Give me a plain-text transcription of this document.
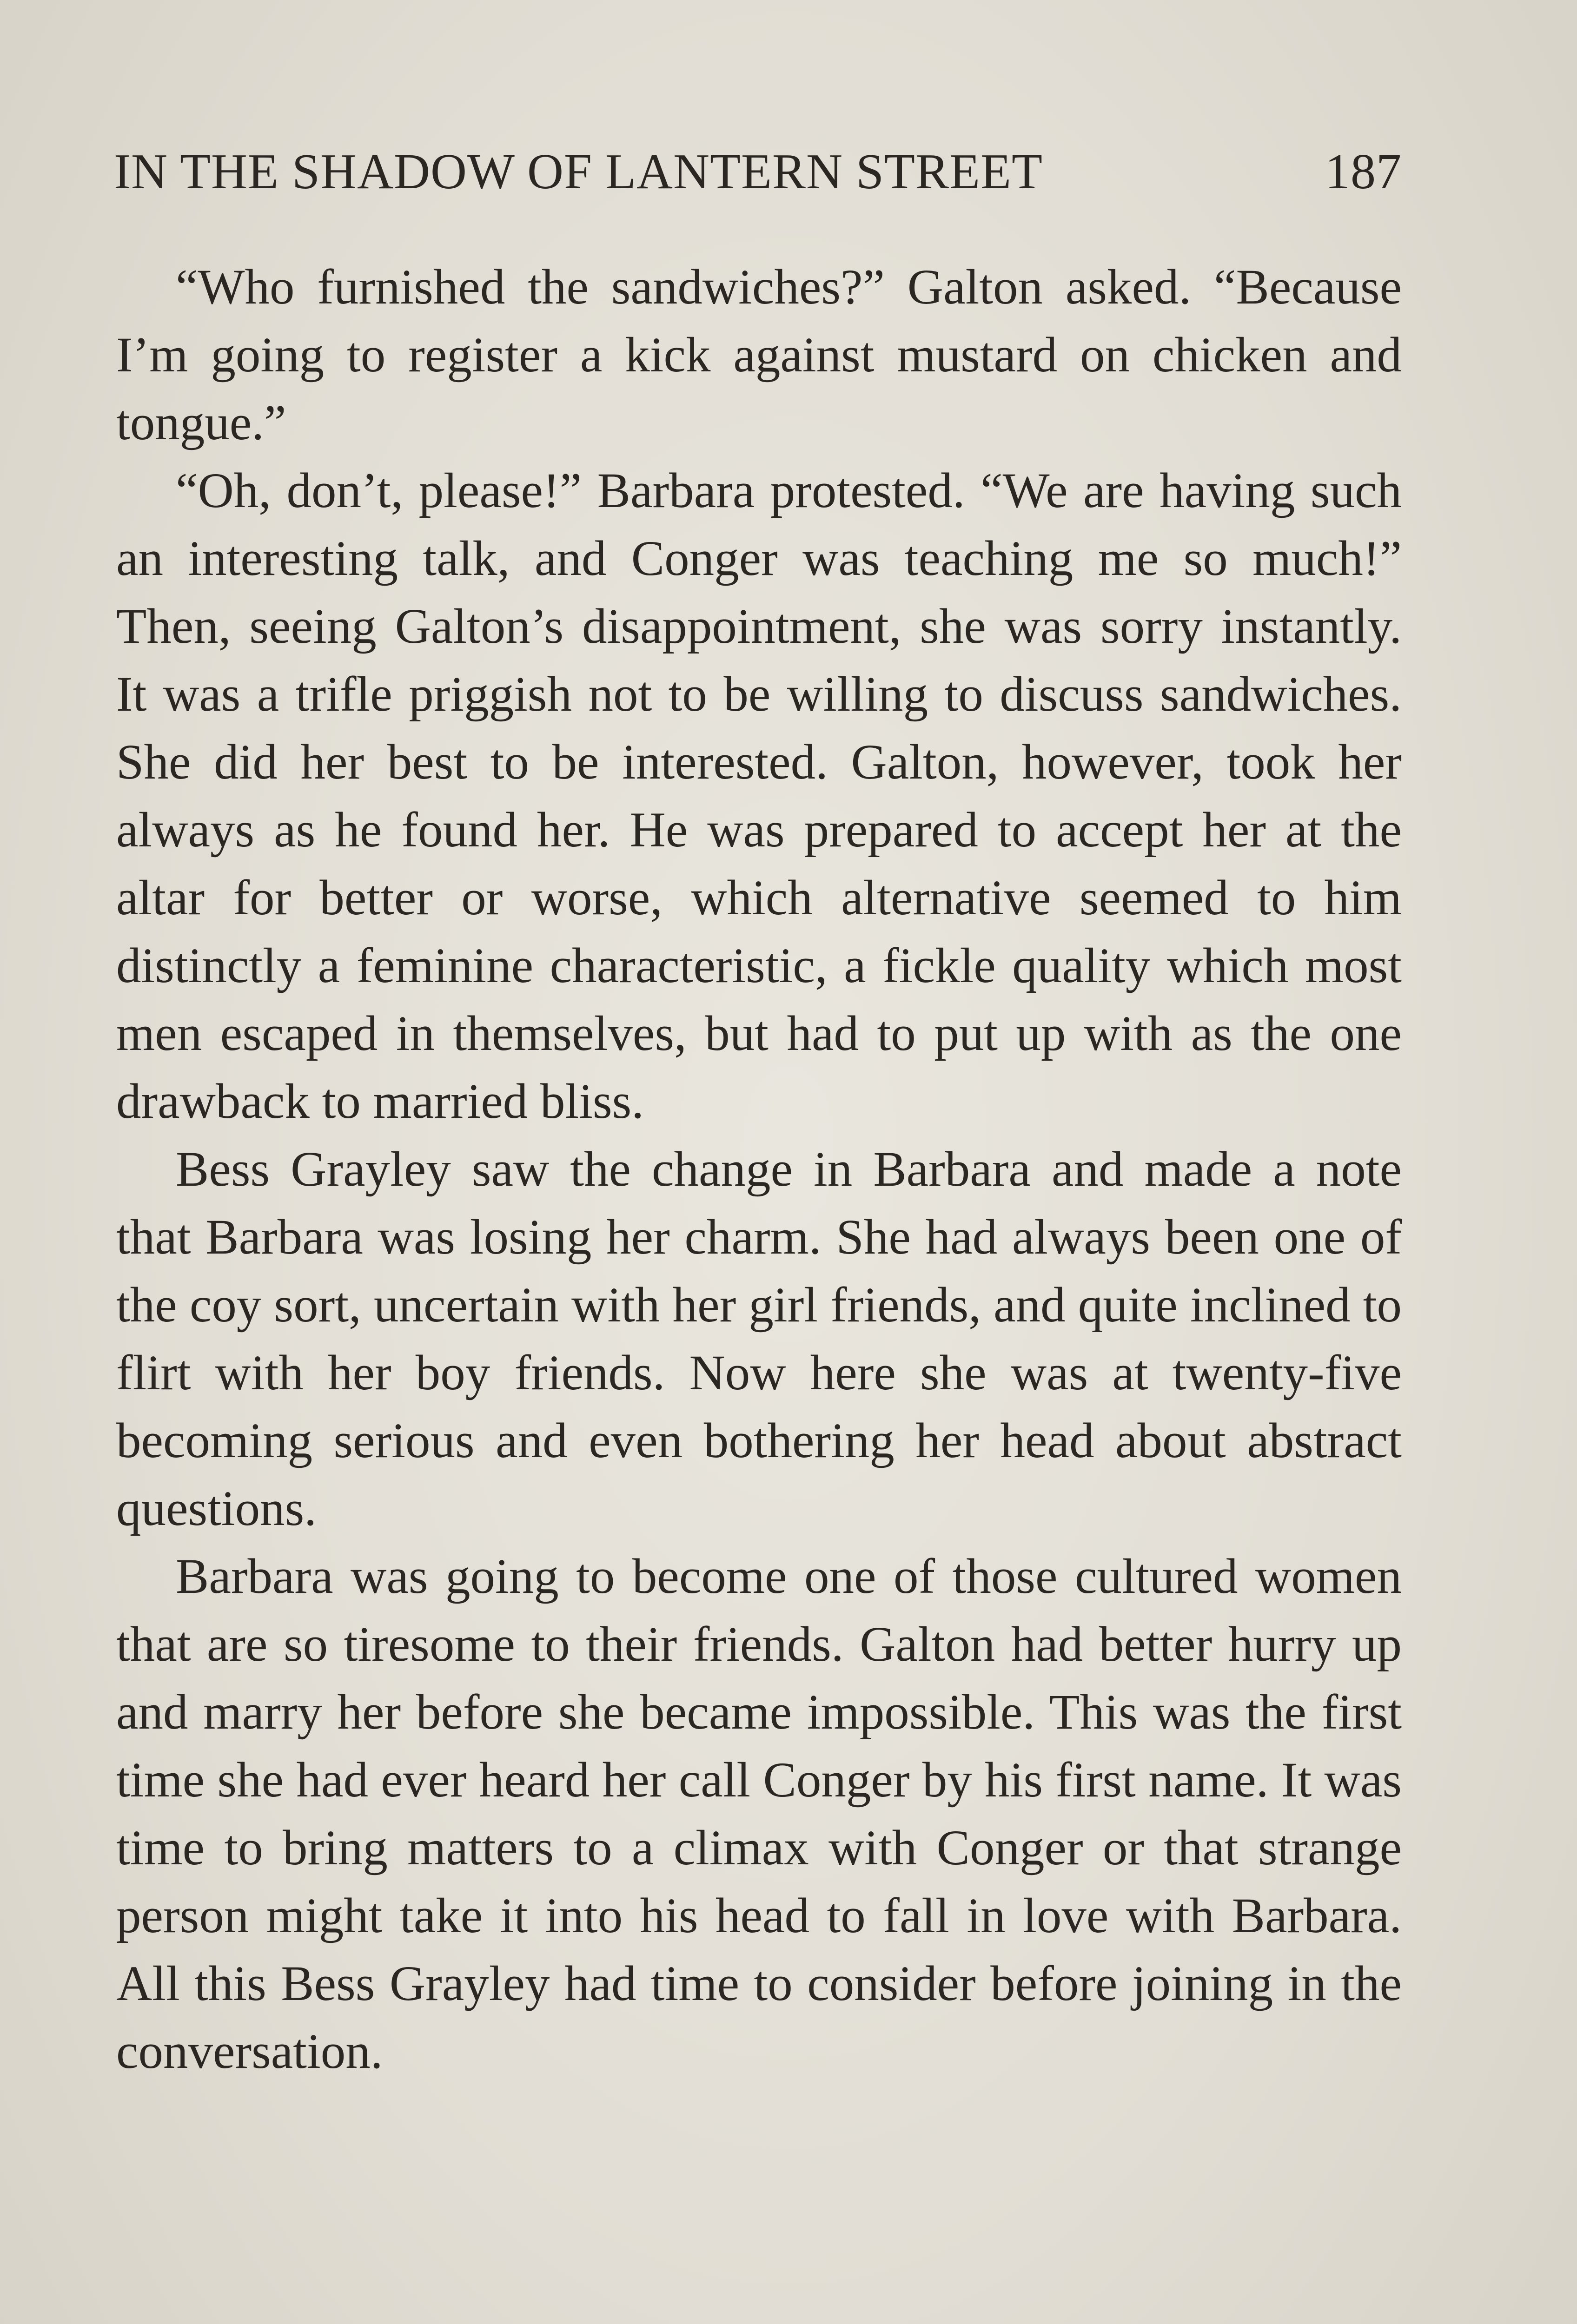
IN THE SHADOW OF LANTERN STREET	187

“Who furnished the sandwiches?” Galton asked. “Because I’m going to register a kick against mustard on chicken and tongue.”

“Oh, don’t, please!” Barbara protested. “We are having such an interesting talk, and Conger was teaching me so much!” Then, seeing Galton’s disappointment, she was sorry instantly. It was a trifle priggish not to be willing to discuss sandwiches. She did her best to be interested. Galton, however, took her always as he found her. He was prepared to accept her at the altar for better or worse, which alternative seemed to him distinctly a feminine characteristic, a fickle quality which most men escaped in themselves, but had to put up with as the one drawback to married bliss.

Bess Grayley saw the change in Barbara and made a note that Barbara was losing her charm. She had always been one of the coy sort, uncertain with her girl friends, and quite inclined to flirt with her boy friends. Now here she was at twenty-five becoming serious and even bothering her head about abstract questions.

Barbara was going to become one of those cultured women that are so tiresome to their friends. Galton had better hurry up and marry her before she became impossible. This was the first time she had ever heard her call Conger by his first name. It was time to bring matters to a climax with Conger or that strange person might take it into his head to fall in love with Barbara. All this Bess Grayley had time to consider before joining in the conversation.
